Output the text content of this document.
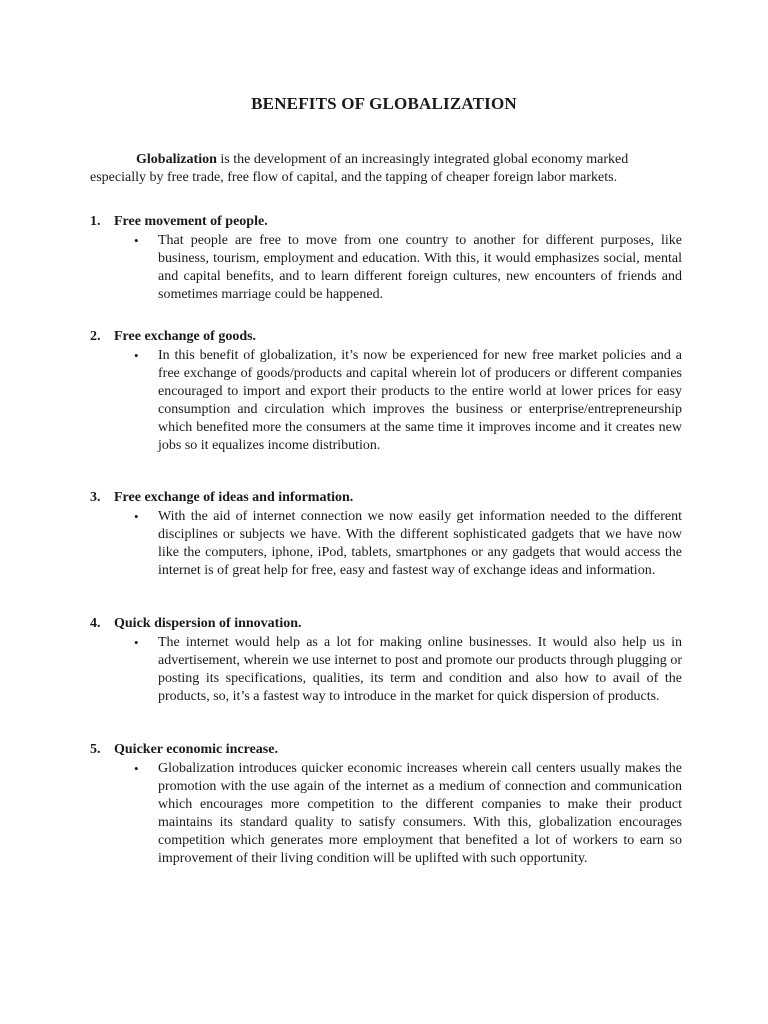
BENEFITS OF GLOBALIZATION

Globalization is the development of an increasingly integrated global economy marked especially by free trade, free flow of capital, and the tapping of cheaper foreign labor markets.

1. Free movement of people.

• That people are free to move from one country to another for different purposes, like business, tourism, employment and education. With this, it would emphasizes social, mental and capital benefits, and to learn different foreign cultures, new encounters of friends and sometimes marriage could be happened.

2. Free exchange of goods.

• In this benefit of globalization, it’s now be experienced for new free market policies and a free exchange of goods/products and capital wherein lot of producers or different companies encouraged to import and export their products to the entire world at lower prices for easy consumption and circulation which improves the business or enterprise/entrepreneurship which benefited more the consumers at the same time it improves income and it creates new jobs so it equalizes income distribution.

3. Free exchange of ideas and information.

• With the aid of internet connection we now easily get information needed to the different disciplines or subjects we have. With the different sophisticated gadgets that we have now like the computers, iphone, iPod, tablets, smartphones or any gadgets that would access the internet is of great help for free, easy and fastest way of exchange ideas and information.

4. Quick dispersion of innovation.

• The internet would help as a lot for making online businesses. It would also help us in advertisement, wherein we use internet to post and promote our products through plugging or posting its specifications, qualities, its term and condition and also how to avail of the products, so, it’s a fastest way to introduce in the market for quick dispersion of products.

5. Quicker economic increase.

• Globalization introduces quicker economic increases wherein call centers usually makes the promotion with the use again of the internet as a medium of connection and communication which encourages more competition to the different companies to make their product maintains its standard quality to satisfy consumers. With this, globalization encourages competition which generates more employment that benefited a lot of workers to earn so improvement of their living condition will be uplifted with such opportunity.
